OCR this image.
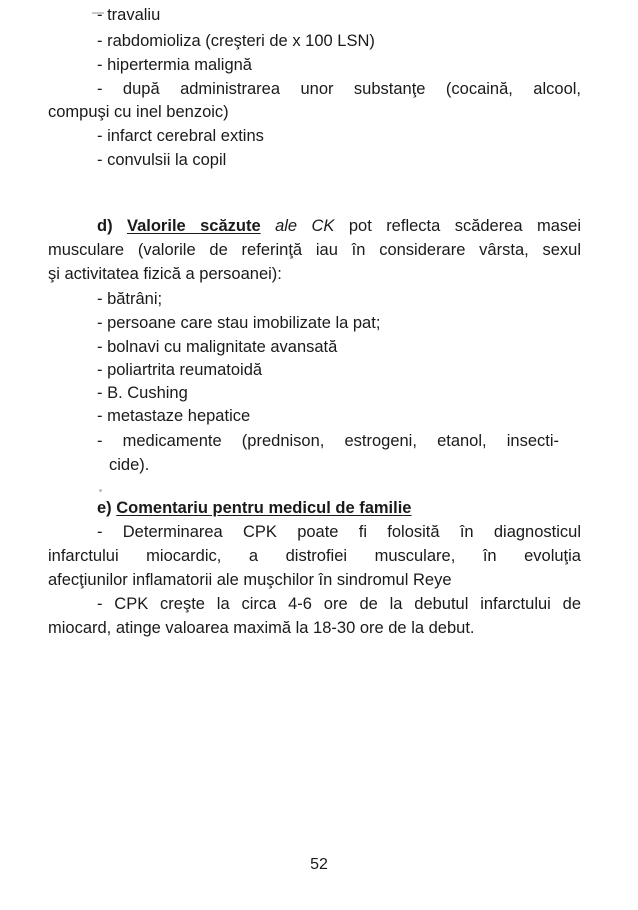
- travaliu
- rabdomioliza (creşteri de x 100 LSN)
- hipertermia malignă
- după administrarea unor substanţe (cocaină, alcool,
compuşi cu inel benzoic)
- infarct cerebral extins
- convulsii la copil
d) Valorile scăzute ale CK pot reflecta scăderea masei
musculare (valorile de referinţă iau în considerare vârsta, sexul
şi activitatea fizică a persoanei):
- bătrâni;
- persoane care stau imobilizate la pat;
- bolnavi cu malignitate avansată
- poliartrita reumatoidă
- B. Cushing
- metastaze hepatice
- medicamente (prednison, estrogeni, etanol, insecti-
cide).
e) Comentariu pentru medicul de familie
- Determinarea CPK poate fi folosită în diagnosticul
infarctului miocardic, a distrofiei musculare, în evoluţia
afecţiunilor inflamatorii ale muşchilor în sindromul Reye
- CPK creşte la circa 4-6 ore de la debutul infarctului de
miocard, atinge valoarea maximă la 18-30 ore de la debut.
52
